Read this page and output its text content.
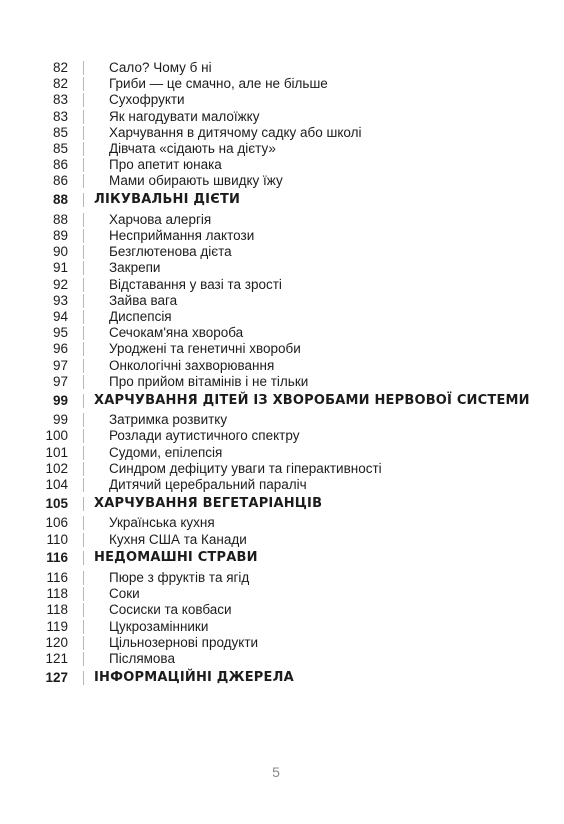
82	Сало? Чому б ні
82	Гриби — це смачно, але не більше
83	Сухофрукти
83	Як нагодувати малоїжку
85	Харчування в дитячому садку або школі
85	Дівчата «сідають на дієту»
86	Про апетит юнака
86	Мами обирають швидку їжу
88 ЛІКУВАЛЬНІ ДІЄТИ
88	Харчова алергія
89	Несприймання лактози
90	Безглютенова дієта
91	Закрепи
92	Відставання у вазі та зрості
93	Зайва вага
94	Диспепсія
95	Сечокам'яна хвороба
96	Уроджені та генетичні хвороби
97	Онкологічні захворювання
97	Про прийом вітамінів і не тільки
99 ХАРЧУВАННЯ ДІТЕЙ ІЗ ХВОРОБАМИ НЕРВОВОЇ СИСТЕМИ
99	Затримка розвитку
100	Розлади аутистичного спектру
101	Судоми, епілепсія
102	Синдром дефіциту уваги та гіперактивності
104	Дитячий церебральний параліч
105 ХАРЧУВАННЯ ВЕГЕТАРІАНЦІВ
106	Українська кухня
110	Кухня США та Канади
116 НЕДОМАШНІ СТРАВИ
116	Пюре з фруктів та ягід
118	Соки
118	Сосиски та ковбаси
119	Цукрозамінники
120	Цільнозернові продукти
121	Післямова
127 ІНФОРМАЦІЙНІ ДЖЕРЕЛА
5
